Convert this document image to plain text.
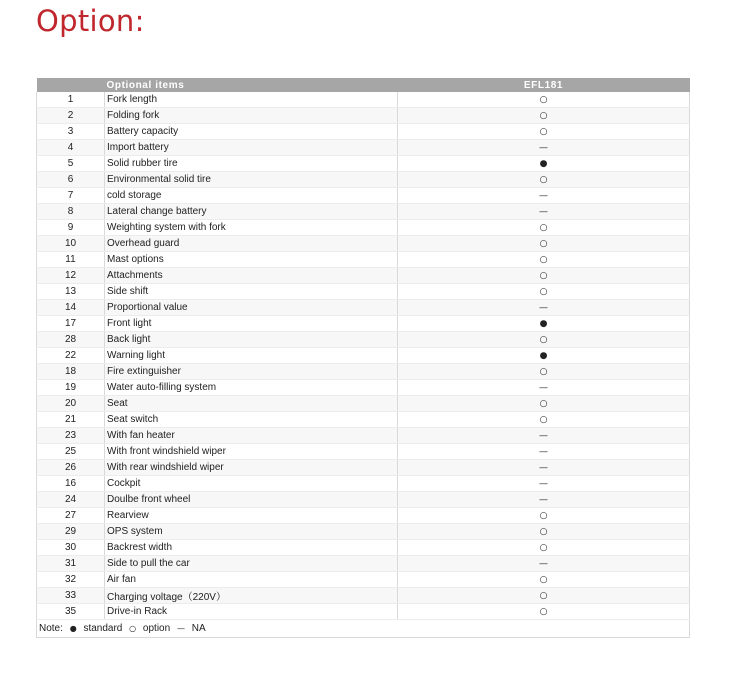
Option:
	Optional items	EFL181
1	Fork length	○
2	Folding fork	○
3	Battery capacity	○
4	Import battery	—
5	Solid rubber tire	●
6	Environmental solid tire	○
7	cold storage	—
8	Lateral change battery	—
9	Weighting system with fork	○
10	Overhead guard	○
11	Mast options	○
12	Attachments	○
13	Side shift	○
14	Proportional value	—
17	Front light	●
28	Back light	○
22	Warning light	●
18	Fire extinguisher	○
19	Water auto-filling system	—
20	Seat	○
21	Seat switch	○
23	With fan heater	—
25	With front windshield wiper	—
26	With rear windshield wiper	—
16	Cockpit	—
24	Doulbe front wheel	—
27	Rearview	○
29	OPS system	○
30	Backrest width	○
31	Side to pull the car	—
32	Air fan	○
33	Charging voltage（220V）	○
35	Drive-in Rack	○
Note: ● standard ○ option — NA		
